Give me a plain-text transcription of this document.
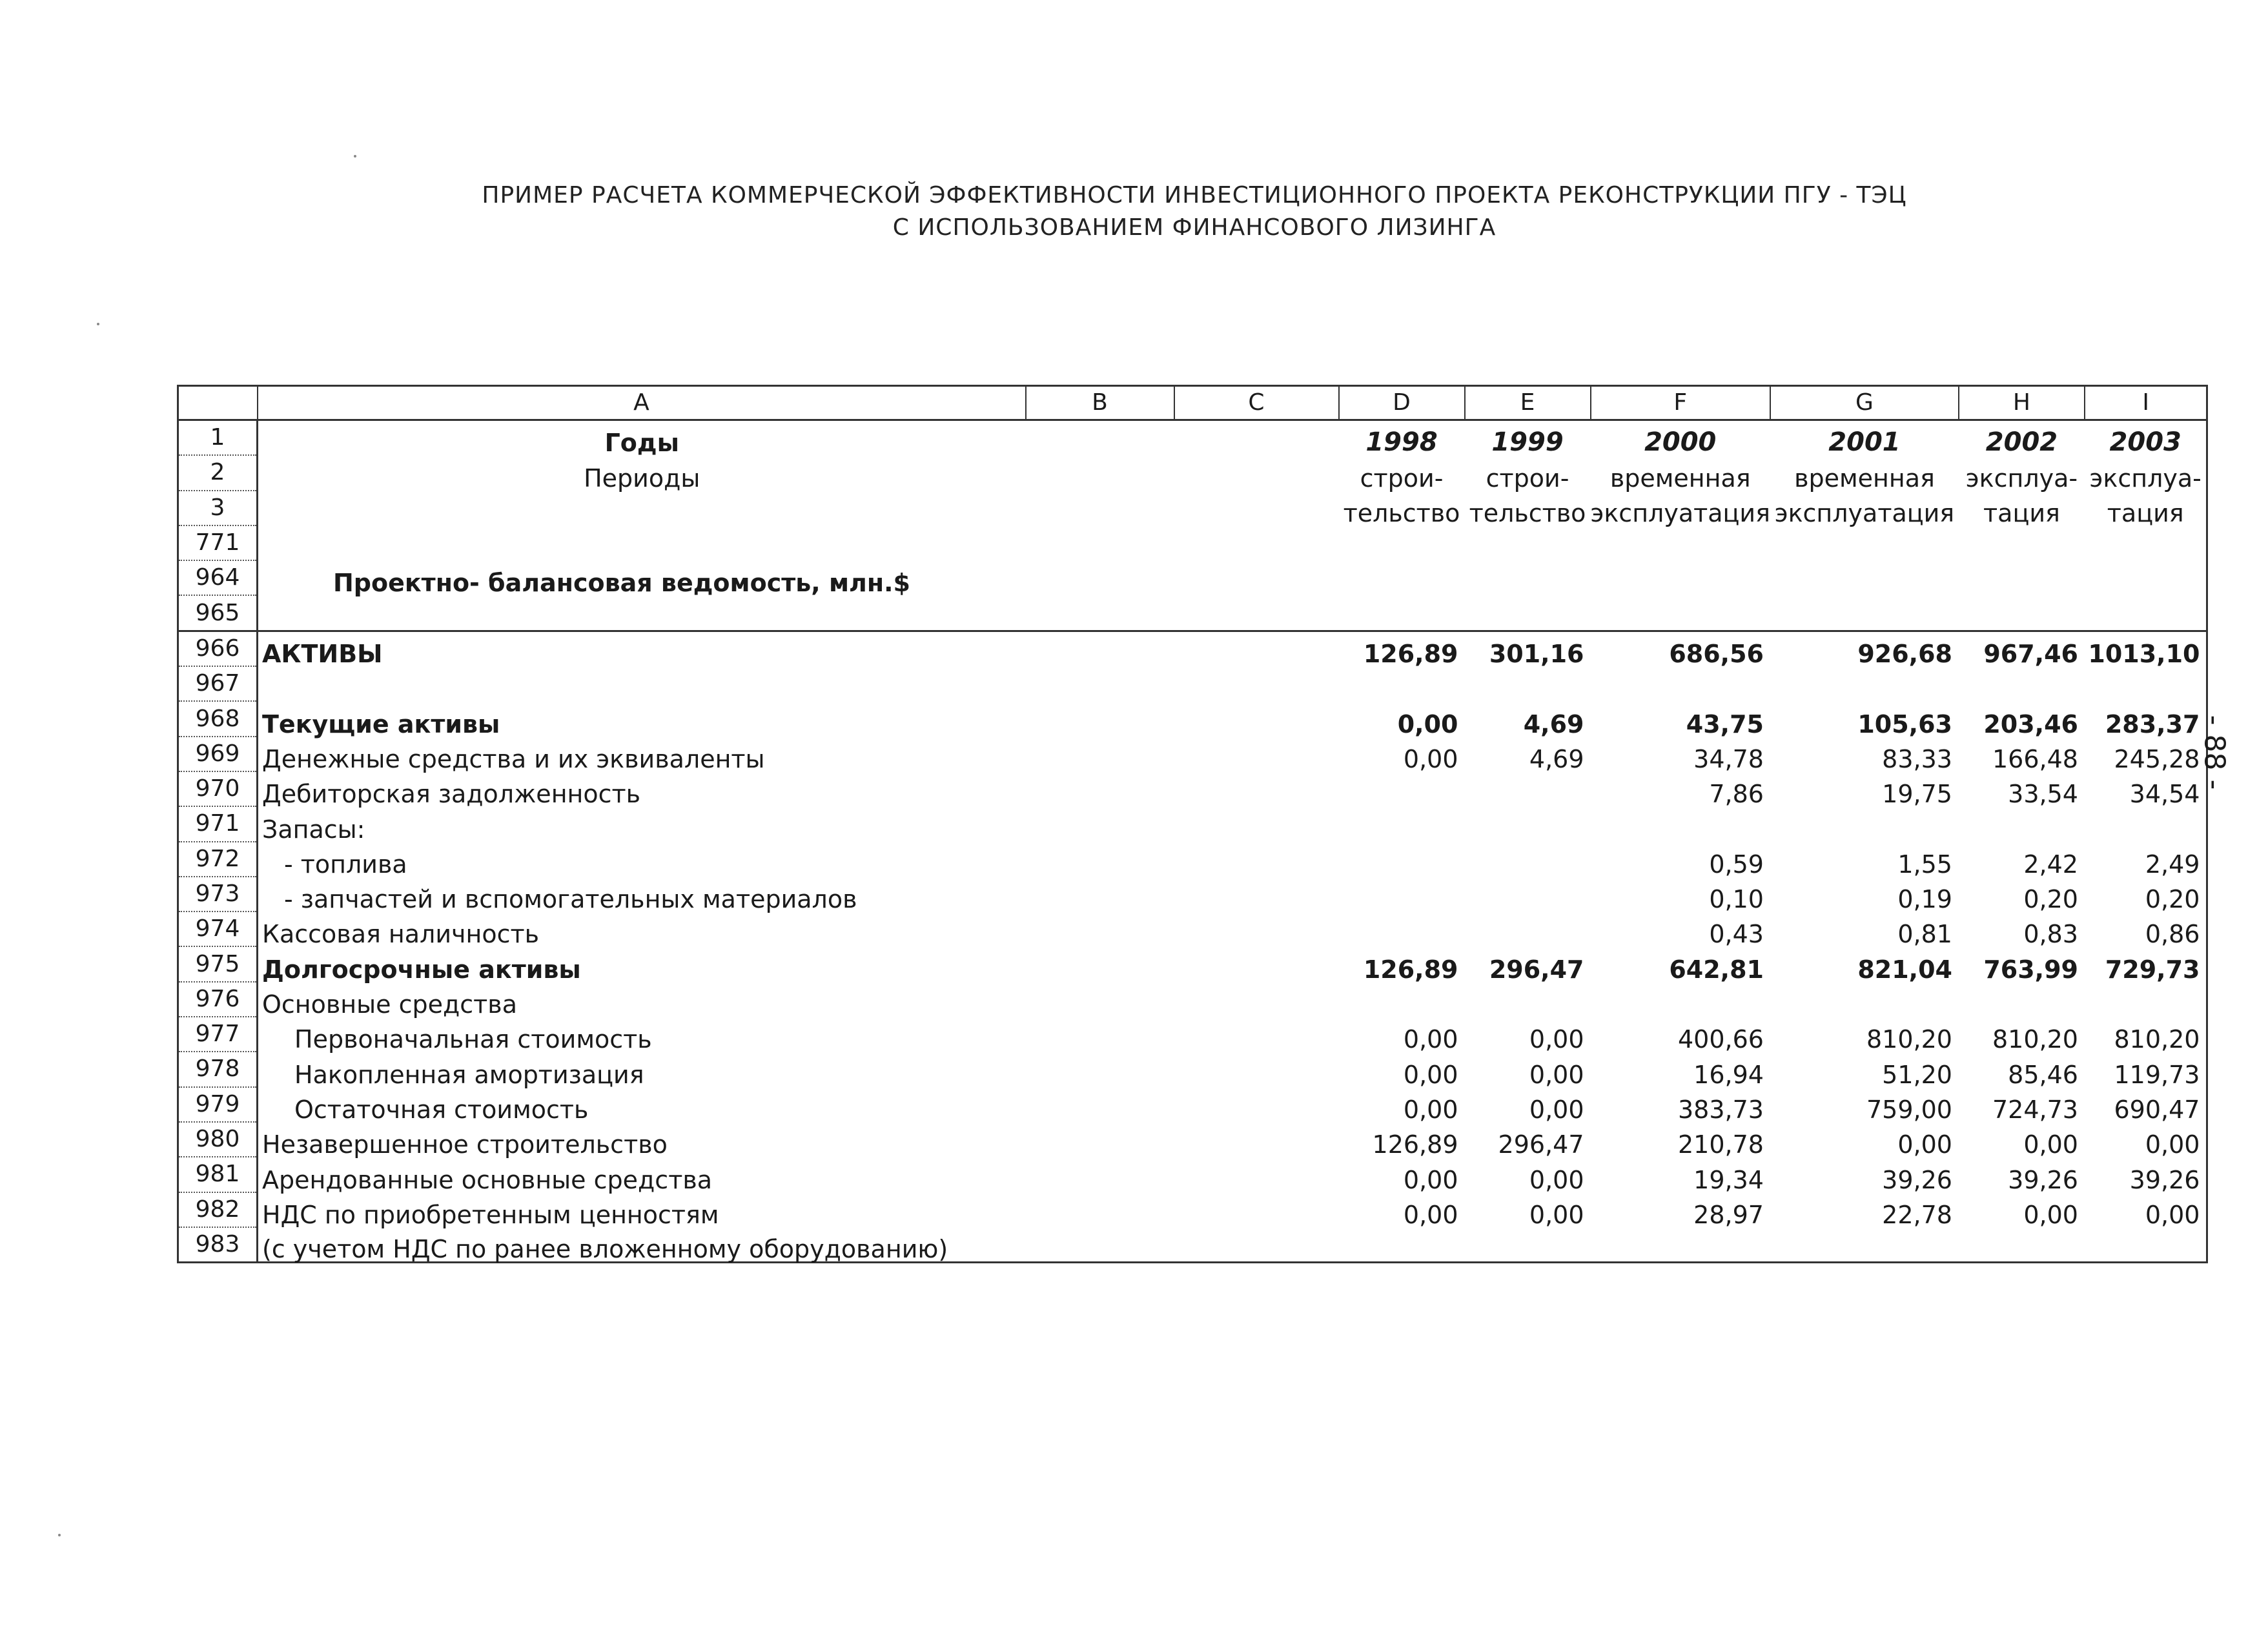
ПРИМЕР РАСЧЕТА КОММЕРЧЕСКОЙ ЭФФЕКТИВНОСТИ ИНВЕСТИЦИОННОГО ПРОЕКТА РЕКОНСТРУКЦИИ ПГУ - ТЭЦ
С ИСПОЛЬЗОВАНИЕМ ФИНАНСОВОГО ЛИЗИНГА
	A	B	C	D	E	F	G	H	I
1	Годы			1998	1999	2000	2001	2002	2003
2	Периоды			строи-	строи-	временная	временная	эксплуа-	эксплуа-
3				тельство	тельство	эксплуатация	эксплуатация	тация	тация
771									
964	Проектно- балансовая ведомость, млн.$								
965									
966	АКТИВЫ			126,89	301,16	686,56	926,68	967,46	1013,10
967									
968	Текущие активы			0,00	4,69	43,75	105,63	203,46	283,37
969	Денежные средства и их эквиваленты			0,00	4,69	34,78	83,33	166,48	245,28
970	Дебиторская задолженность					7,86	19,75	33,54	34,54
971	Запасы:								
972	- топлива					0,59	1,55	2,42	2,49
973	- запчастей и вспомогательных материалов					0,10	0,19	0,20	0,20
974	Кассовая наличность					0,43	0,81	0,83	0,86
975	Долгосрочные активы			126,89	296,47	642,81	821,04	763,99	729,73
976	Основные средства								
977	Первоначальная стоимость			0,00	0,00	400,66	810,20	810,20	810,20
978	Накопленная амортизация			0,00	0,00	16,94	51,20	85,46	119,73
979	Остаточная стоимость			0,00	0,00	383,73	759,00	724,73	690,47
980	Незавершенное строительство			126,89	296,47	210,78	0,00	0,00	0,00
981	Арендованные основные средства			0,00	0,00	19,34	39,26	39,26	39,26
982	НДС по приобретенным ценностям			0,00	0,00	28,97	22,78	0,00	0,00
983	(с учетом НДС по ранее вложенному оборудованию)								
- 88 -
